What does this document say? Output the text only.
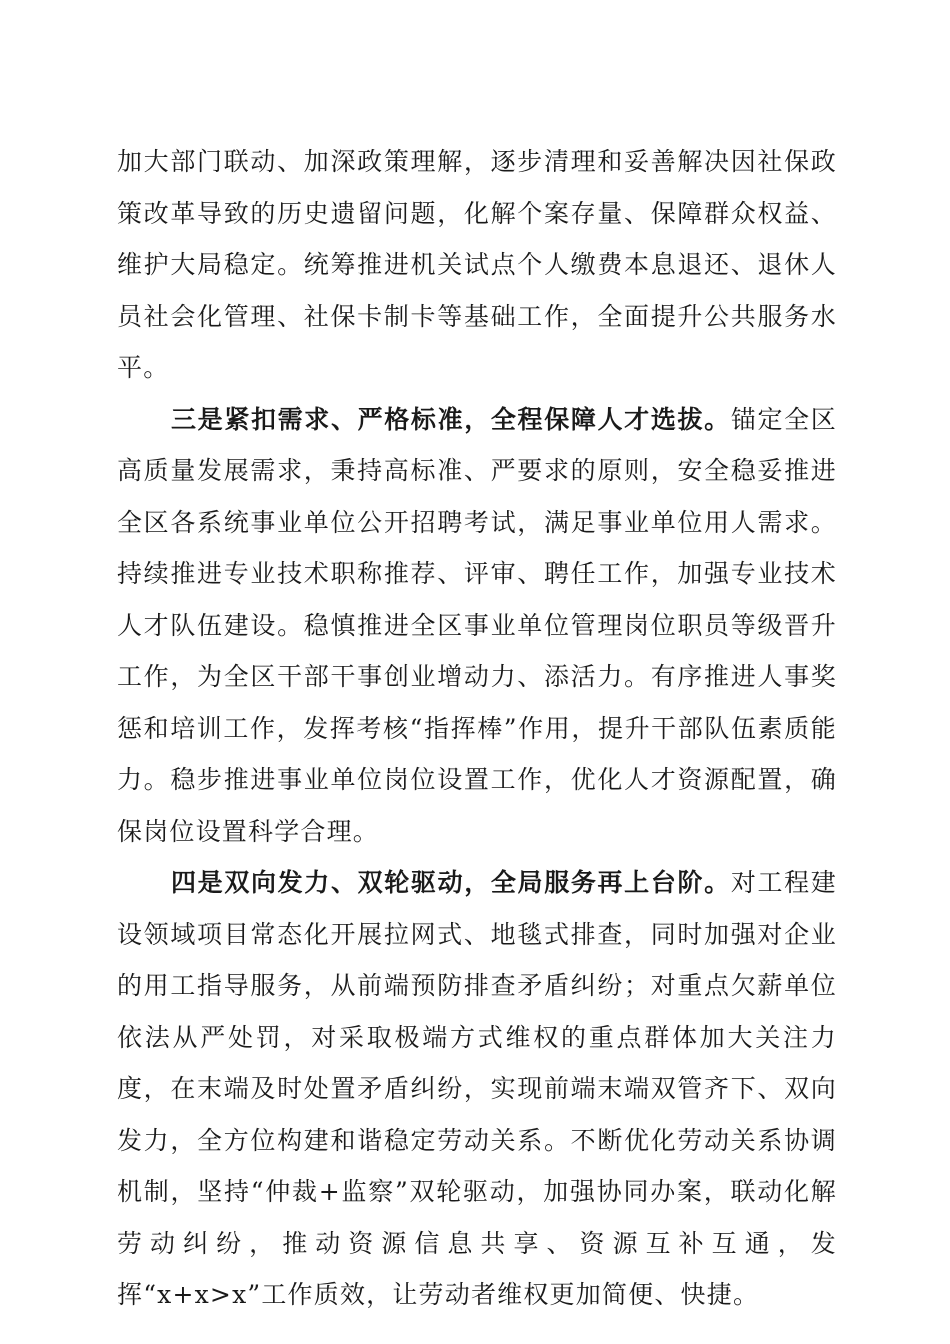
加大部门联动、加深政策理解，逐步清理和妥善解决因社保政策改革导致的历史遗留问题，化解个案存量、保障群众权益、维护大局稳定。统筹推进机关试点个人缴费本息退还、退休人员社会化管理、社保卡制卡等基础工作，全面提升公共服务水平。

三是紧扣需求、严格标准，全程保障人才选拔。锚定全区高质量发展需求，秉持高标准、严要求的原则，安全稳妥推进全区各系统事业单位公开招聘考试，满足事业单位用人需求。持续推进专业技术职称推荐、评审、聘任工作，加强专业技术人才队伍建设。稳慎推进全区事业单位管理岗位职员等级晋升工作，为全区干部干事创业增动力、添活力。有序推进人事奖惩和培训工作，发挥考核“指挥棒”作用，提升干部队伍素质能力。稳步推进事业单位岗位设置工作，优化人才资源配置，确保岗位设置科学合理。

四是双向发力、双轮驱动，全局服务再上台阶。对工程建设领域项目常态化开展拉网式、地毯式排查，同时加强对企业的用工指导服务，从前端预防排查矛盾纠纷；对重点欠薪单位依法从严处罚，对采取极端方式维权的重点群体加大关注力度，在末端及时处置矛盾纠纷，实现前端末端双管齐下、双向发力，全方位构建和谐稳定劳动关系。不断优化劳动关系协调机制，坚持“仲裁+监察”双轮驱动，加强协同办案，联动化解劳动纠纷，推动资源信息共享、资源互补互通，发挥“x+x>x”工作质效，让劳动者维权更加简便、快捷。
